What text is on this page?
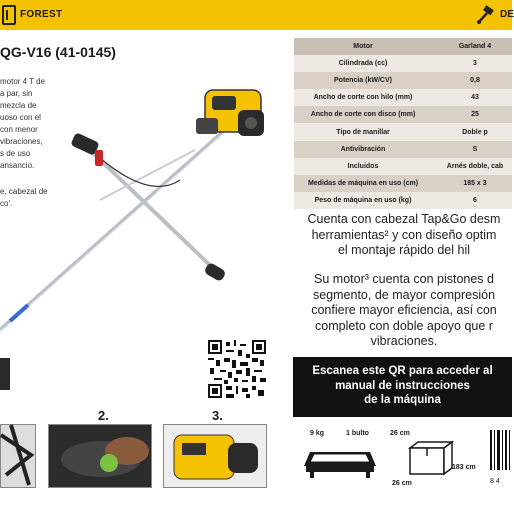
FOREST	DE
QG-V16 (41-0145)

motor 4 T de

a par, sin

mezcla de

uoso con el

con menor

vibraciones,

s de uso

ansancio.

e, cabezal de

co'.

2.	3.
Motor	Garland 4
Cilindrada (cc)	3
Potencia (kW/CV)	0,8
Ancho de corte con hilo (mm)	43
Ancho de corte con disco (mm)	25
Tipo de manillar	Doble p
Antivibración	S
Incluidos	Arnés doble, cab
Medidas de máquina en uso (cm)	185 x 3
Peso de máquina en uso (kg)	6
Cuenta con cabezal Tap&Go desm
herramientas² y con diseño optim
el montaje rápido del hil
Su motor³ cuenta con pistones d
segmento, de mayor compresión
confiere mayor eficiencia, así con
completo con doble apoyo que r
vibraciones.
Escanea este QR para acceder al
manual de instrucciones
de la máquina
9 kg	1 bulto	26 cm
183 cm
26 cm	8 4
